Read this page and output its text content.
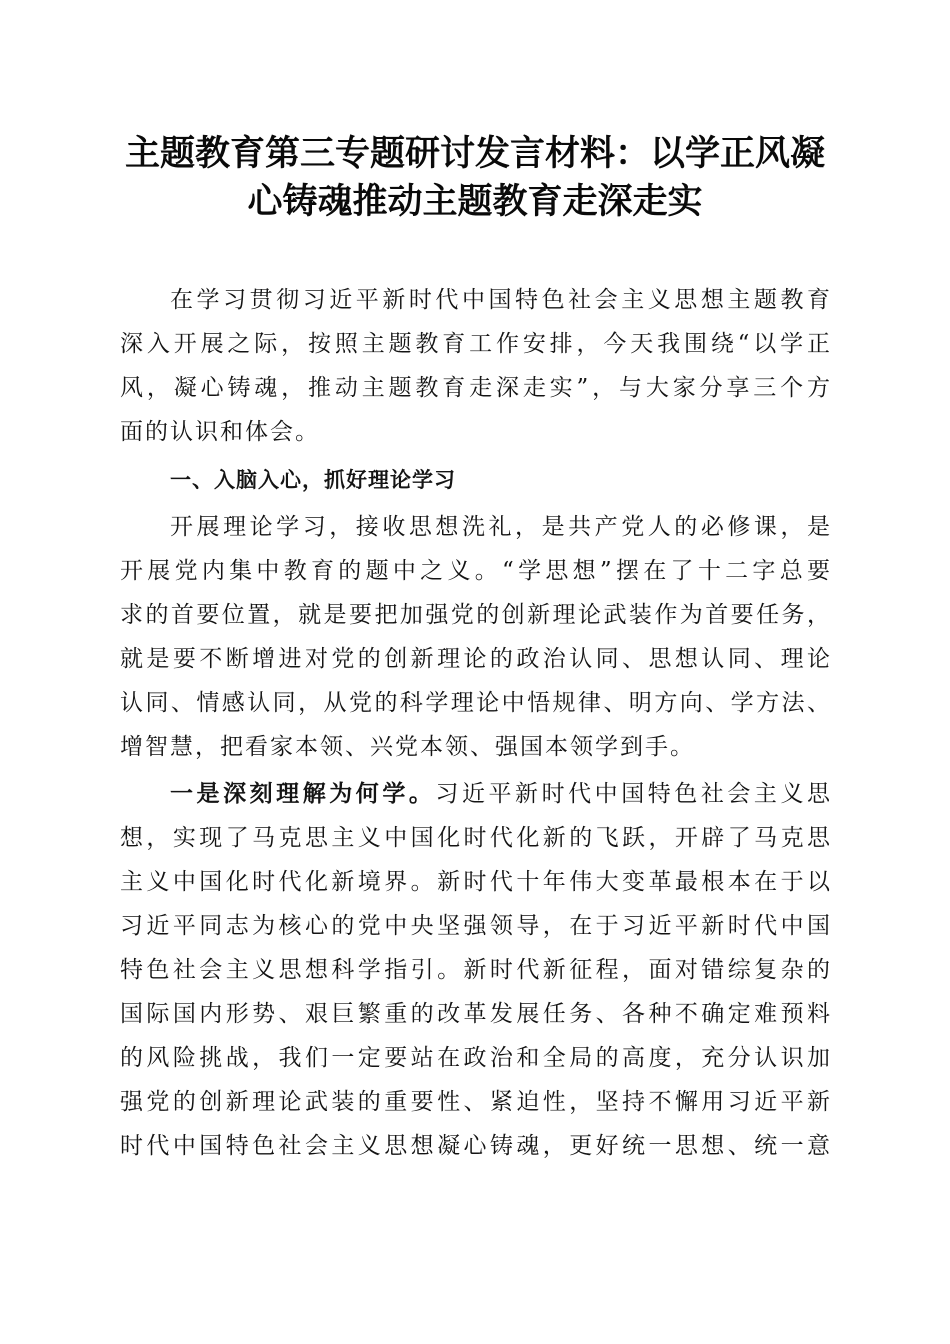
主题教育第三专题研讨发言材料：以学正风凝
心铸魂推动主题教育走深走实
在学习贯彻习近平新时代中国特色社会主义思想主题教育
深入开展之际，按照主题教育工作安排，今天我围绕“以学正
风，凝心铸魂，推动主题教育走深走实”，与大家分享三个方
面的认识和体会。
一、入脑入心，抓好理论学习
开展理论学习，接收思想洗礼，是共产党人的必修课，是
开展党内集中教育的题中之义。“学思想”摆在了十二字总要
求的首要位置，就是要把加强党的创新理论武装作为首要任务，
就是要不断增进对党的创新理论的政治认同、思想认同、理论
认同、情感认同，从党的科学理论中悟规律、明方向、学方法、
增智慧，把看家本领、兴党本领、强国本领学到手。
一是深刻理解为何学。习近平新时代中国特色社会主义思
想，实现了马克思主义中国化时代化新的飞跃，开辟了马克思
主义中国化时代化新境界。新时代十年伟大变革最根本在于以
习近平同志为核心的党中央坚强领导，在于习近平新时代中国
特色社会主义思想科学指引。新时代新征程，面对错综复杂的
国际国内形势、艰巨繁重的改革发展任务、各种不确定难预料
的风险挑战，我们一定要站在政治和全局的高度，充分认识加
强党的创新理论武装的重要性、紧迫性，坚持不懈用习近平新
时代中国特色社会主义思想凝心铸魂，更好统一思想、统一意
